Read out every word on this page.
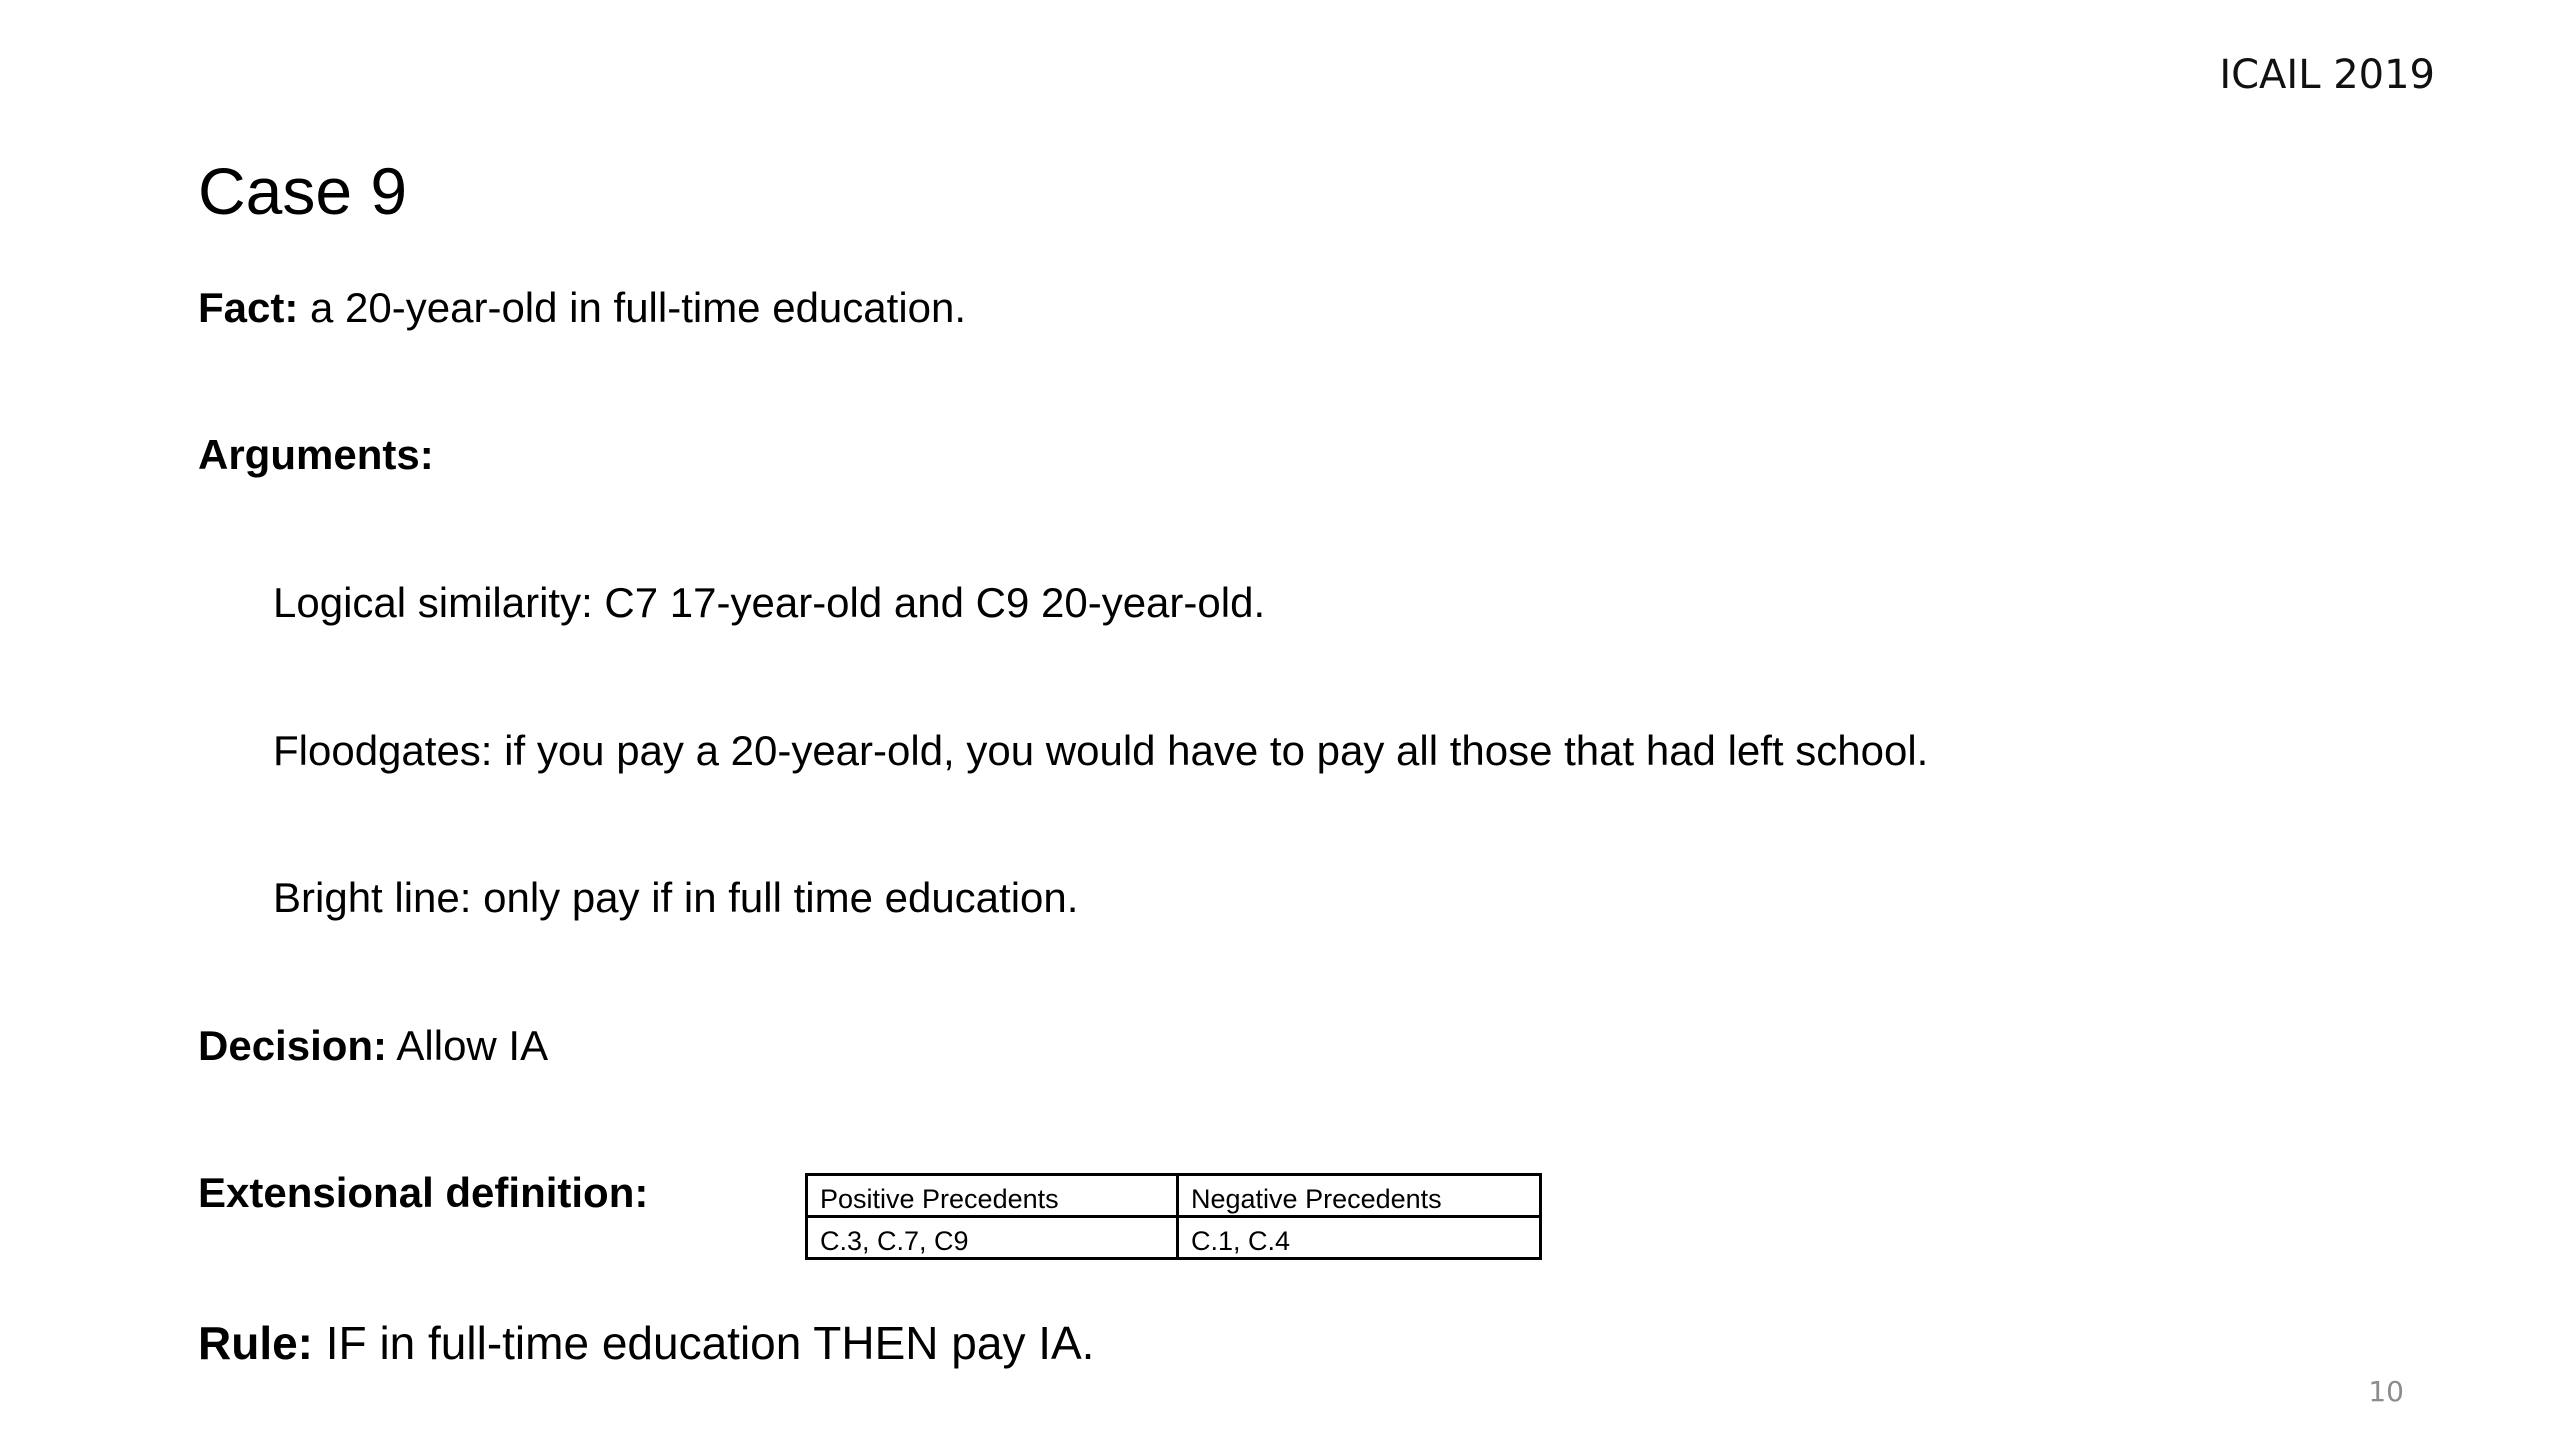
ICAIL 2019
Case 9
Fact: a 20-year-old in full-time education.
Arguments:
Logical similarity: C7 17-year-old and C9 20-year-old.
Floodgates: if you pay a 20-year-old, you would have to pay all those that had left school.
Bright line: only pay if in full time education.
Decision: Allow IA
Extensional definition:	Positive Precedents	Negative Precedents
C.3, C.7, C9	C.1, C.4
Rule: IF in full-time education THEN pay IA.
10
